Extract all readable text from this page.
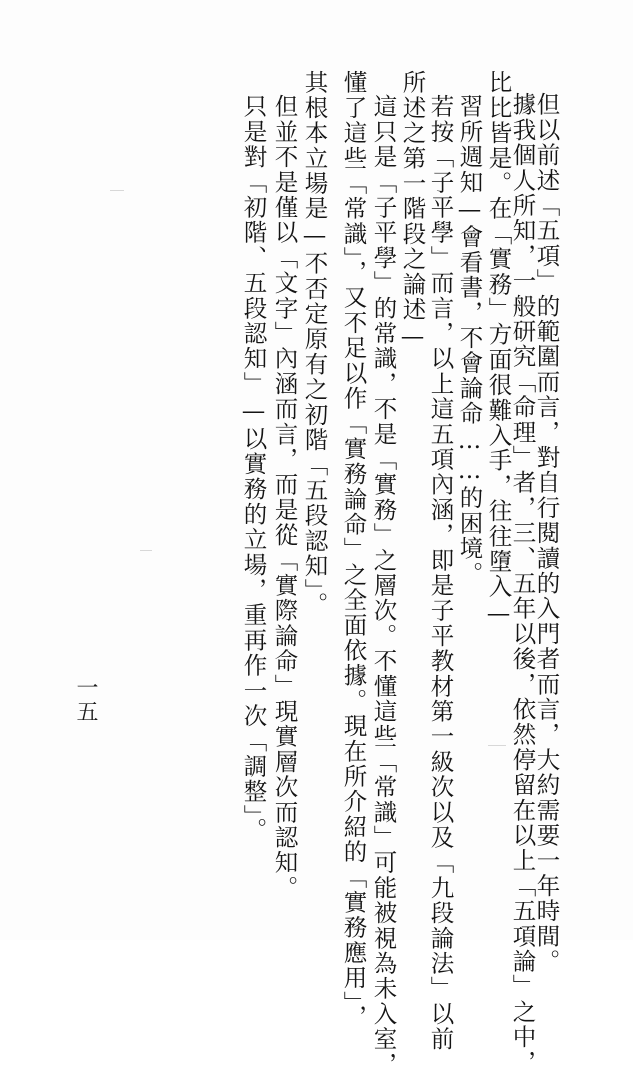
但以前述「五項」的範圍而言，對自行閱讀的入門者而言，大約需要一年時間。
據我個人所知，一般研究「命理」者，三、五年以後，依然停留在以上「五項論」之中，
比比皆是。在「實務」方面很難入手，往往墮入—
習所週知—會看書，不會論命……的困境。
若按「子平學」而言，以上這五項內涵，即是子平教材第一級次以及「九段論法」以前
所述之第一階段之論述—
這只是「子平學」的常識，不是「實務」之層次。不懂這些「常識」可能被視為未入室，
懂了這些「常識」，又不足以作「實務論命」之全面依據。現在所介紹的「實務應用」，
其根本立場是—不否定原有之初階「五段認知」。
但並不是僅以「文字」內涵而言，而是從「實際論命」現實層次而認知。
只是對「初階、五段認知」—以實務的立場，重再作一次「調整」。
一五
